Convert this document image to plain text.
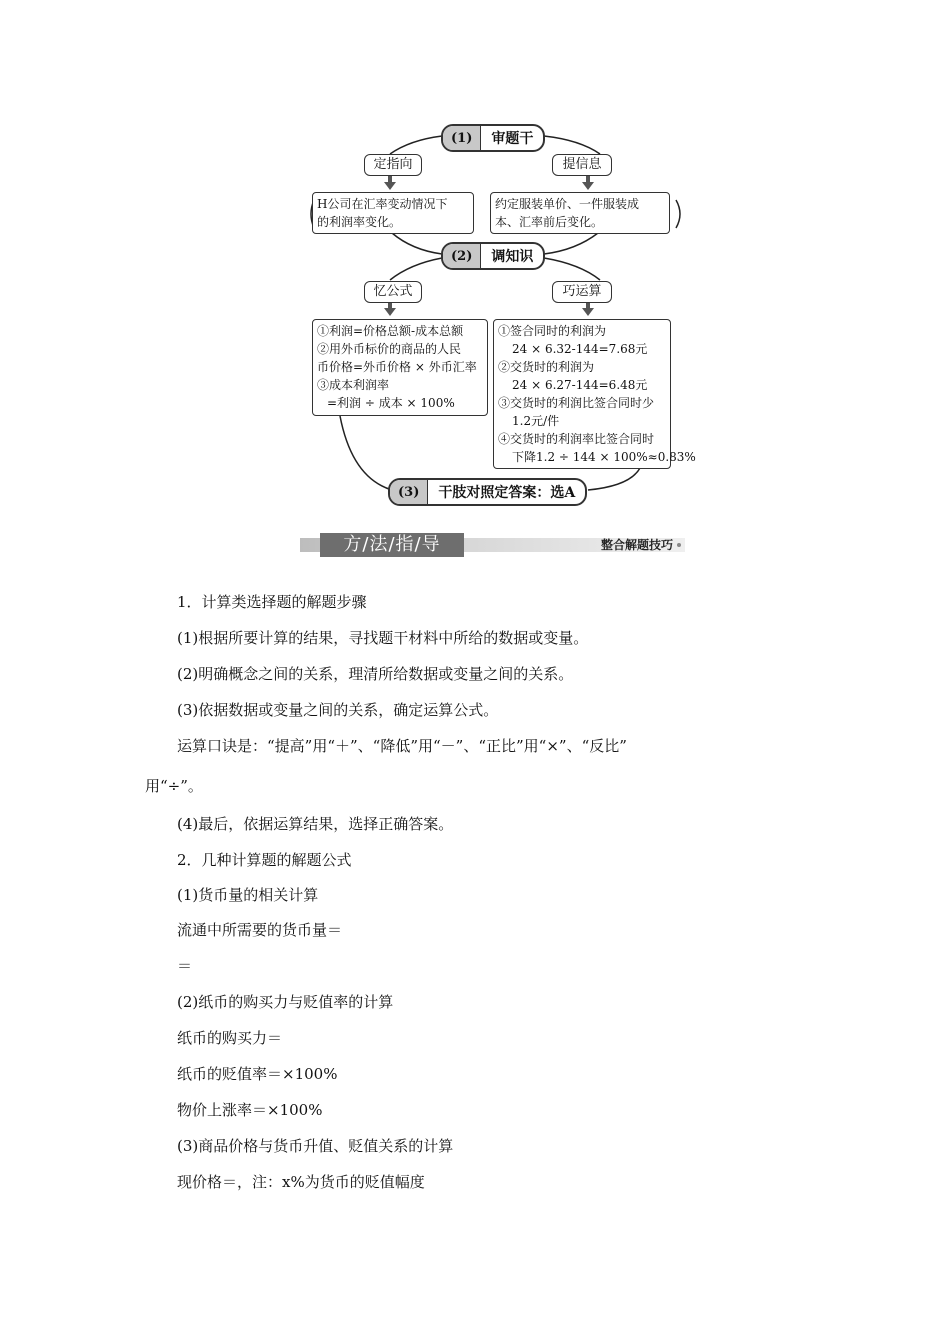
(1)	审题干
定指向	提信息
H公司在汇率变动情况下
的利润率变化。
约定服装单价、一件服装成
本、汇率前后变化。
(2)	调知识
忆公式	巧运算
①利润=价格总额-成本总额
②用外币标价的商品的人民
币价格=外币价格 × 外币汇率
③成本利润率
=利润 ÷ 成本 × 100%
①签合同时的利润为
24 × 6.32-144=7.68元
②交货时的利润为
24 × 6.27-144=6.48元
③交货时的利润比签合同时少
1.2元/件
④交货时的利润率比签合同时
下降1.2 ÷ 144 × 100%≈0.83%
(3)	干肢对照定答案：选A
方/法/指/导	整合解题技巧
1．计算类选择题的解题步骤
(1)根据所要计算的结果，寻找题干材料中所给的数据或变量。
(2)明确概念之间的关系，理清所给数据或变量之间的关系。
(3)依据数据或变量之间的关系，确定运算公式。
运算口诀是：“提高”用“＋”、“降低”用“－”、“正比”用“×”、“反比”
用“÷”。
(4)最后，依据运算结果，选择正确答案。
2．几种计算题的解题公式
(1)货币量的相关计算
流通中所需要的货币量＝
＝
(2)纸币的购买力与贬值率的计算
纸币的购买力＝
纸币的贬值率＝×100%
物价上涨率＝×100%
(3)商品价格与货币升值、贬值关系的计算
现价格＝，注：x%为货币的贬值幅度
